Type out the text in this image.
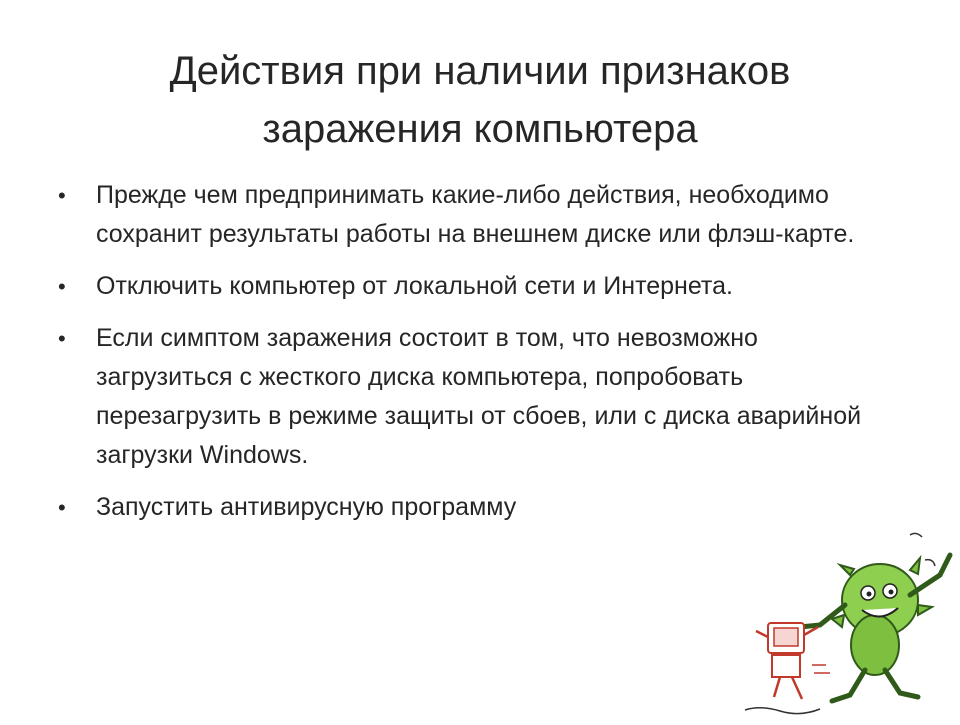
Действия при наличии признаков
заражения компьютера
• Прежде чем предпринимать какие-либо действия, необходимо сохранит результаты работы на внешнем диске или флэш-карте.
• Отключить компьютер от локальной сети и Интернета.
• Если симптом заражения состоит в том, что невозможно загрузиться с жесткого диска компьютера, попробовать перезагрузить в режиме защиты от сбоев, или с диска аварийной загрузки Windows.
• Запустить антивирусную программу
